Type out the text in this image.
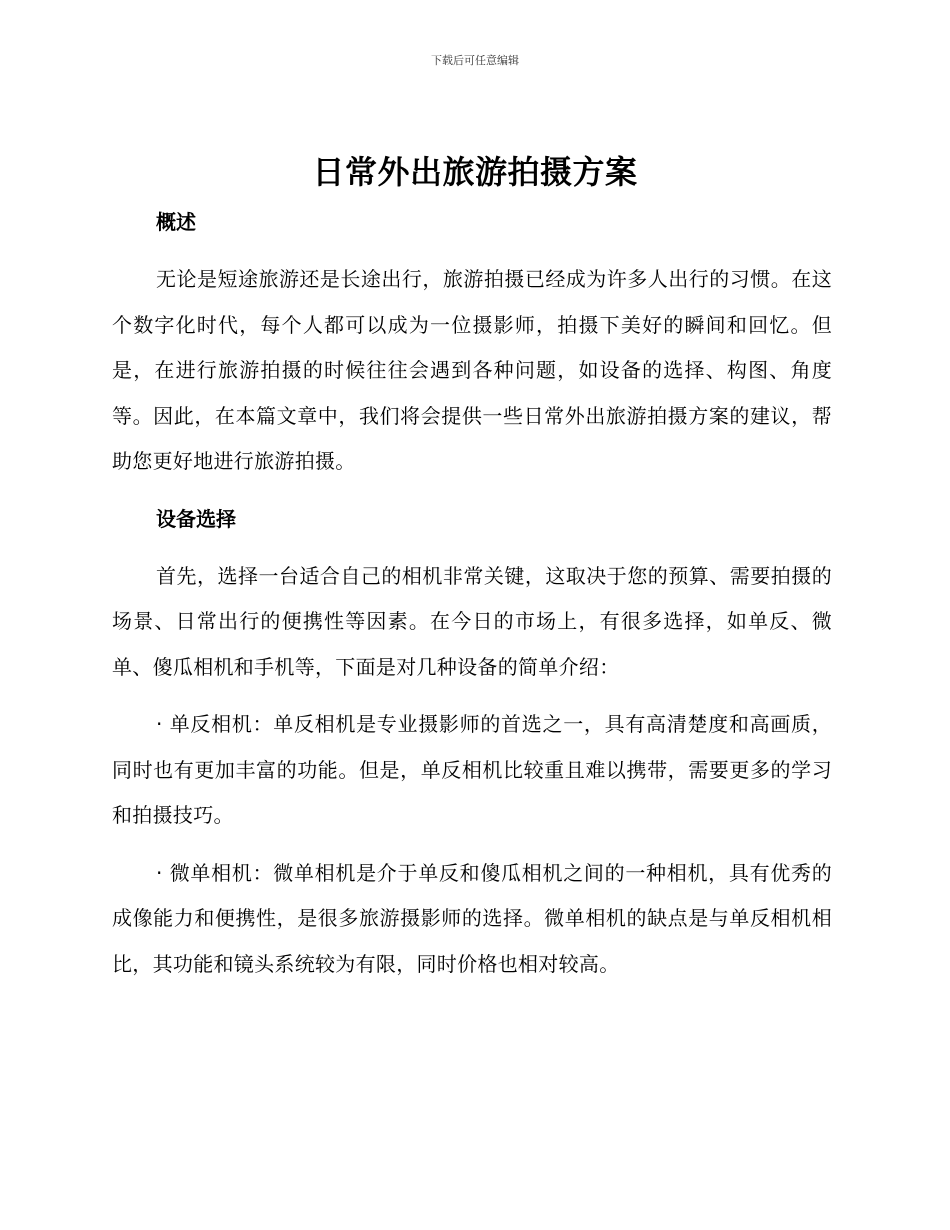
下载后可任意编辑
日常外出旅游拍摄方案
概述

无论是短途旅游还是长途出行，旅游拍摄已经成为许多人出行的习惯。在这个数字化时代，每个人都可以成为一位摄影师，拍摄下美好的瞬间和回忆。但是，在进行旅游拍摄的时候往往会遇到各种问题，如设备的选择、构图、角度等。因此，在本篇文章中，我们将会提供一些日常外出旅游拍摄方案的建议，帮助您更好地进行旅游拍摄。

设备选择

首先，选择一台适合自己的相机非常关键，这取决于您的预算、需要拍摄的场景、日常出行的便携性等因素。在今日的市场上，有很多选择，如单反、微单、傻瓜相机和手机等，下面是对几种设备的简单介绍：

· 单反相机：单反相机是专业摄影师的首选之一，具有高清楚度和高画质，同时也有更加丰富的功能。但是，单反相机比较重且难以携带，需要更多的学习和拍摄技巧。

· 微单相机：微单相机是介于单反和傻瓜相机之间的一种相机，具有优秀的成像能力和便携性，是很多旅游摄影师的选择。微单相机的缺点是与单反相机相比，其功能和镜头系统较为有限，同时价格也相对较高。
